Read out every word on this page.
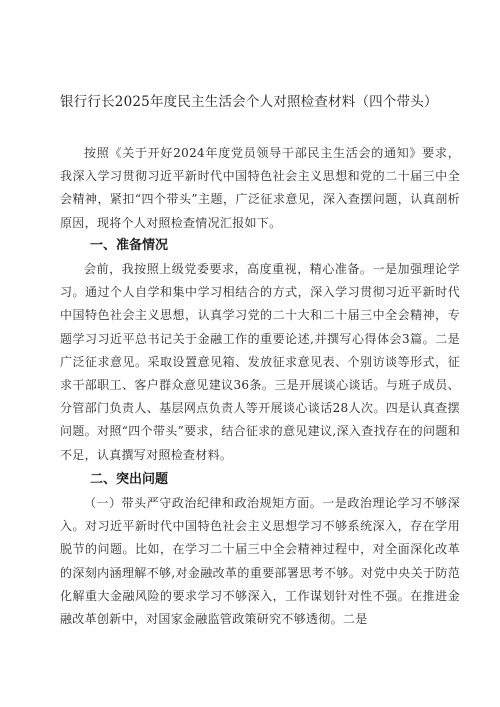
银行行长2025年度民主生活会个人对照检查材料（四个带头）
按照《关于开好2024年度党员领导干部民主生活会的通知》要求，我深入学习贯彻习近平新时代中国特色社会主义思想和党的二十届三中全会精神，紧扣“四个带头”主题，广泛征求意见，深入查摆问题，认真剖析原因，现将个人对照检查情况汇报如下。
一、准备情况
会前，我按照上级党委要求，高度重视，精心准备。一是加强理论学习。通过个人自学和集中学习相结合的方式，深入学习贯彻习近平新时代中国特色社会主义思想，认真学习党的二十大和二十届三中全会精神，专题学习习近平总书记关于金融工作的重要论述,并撰写心得体会3篇。二是广泛征求意见。采取设置意见箱、发放征求意见表、个别访谈等形式，征求干部职工、客户群众意见建议36条。三是开展谈心谈话。与班子成员、分管部门负责人、基层网点负责人等开展谈心谈话28人次。四是认真查摆问题。对照“四个带头”要求，结合征求的意见建议,深入查找存在的问题和不足，认真撰写对照检查材料。
二、突出问题
（一）带头严守政治纪律和政治规矩方面。一是政治理论学习不够深入。对习近平新时代中国特色社会主义思想学习不够系统深入，存在学用脱节的问题。比如，在学习二十届三中全会精神过程中，对全面深化改革的深刻内涵理解不够,对金融改革的重要部署思考不够。对党中央关于防范化解重大金融风险的要求学习不够深入，工作谋划针对性不强。在推进金融改革创新中，对国家金融监管政策研究不够透彻。二是
